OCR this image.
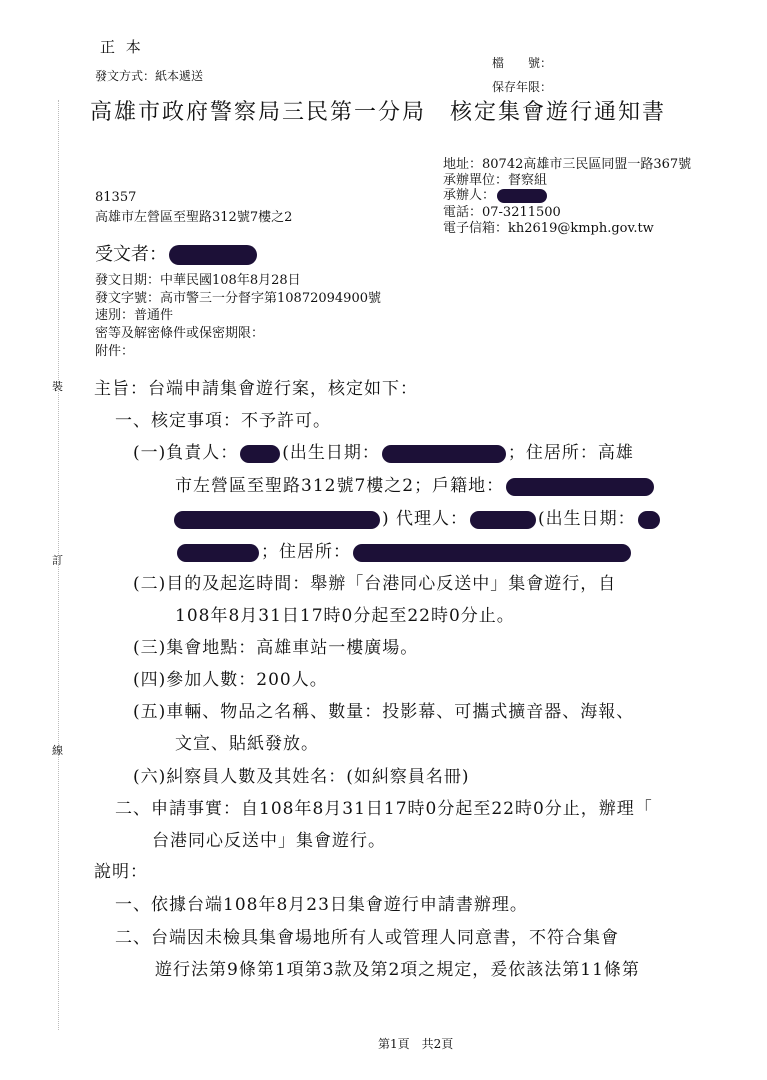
正 本
發文方式：紙本遞送
檔　　號：
保存年限：
高雄市政府警察局三民第一分局　核定集會遊行通知書
地址：80742高雄市三民區同盟一路367號
承辦單位：督察組
承辦人：
電話：07-3211500
電子信箱：kh2619@kmph.gov.tw
81357
高雄市左營區至聖路312號7樓之2
受文者：
發文日期：中華民國108年8月28日
發文字號：高市警三一分督字第10872094900號
速別：普通件
密等及解密條件或保密期限：
附件：
裝
訂
線
主旨：台端申請集會遊行案，核定如下：
一、核定事項：不予許可。
(一)負責人：	(出生日期：	；住居所：高雄
市左營區至聖路312號7樓之2；戶籍地：
) 代理人：	(出生日期：
；住居所：
(二)目的及起迄時間：舉辦「台港同心反送中」集會遊行，自
108年8月31日17時0分起至22時0分止。
(三)集會地點：高雄車站一樓廣場。
(四)參加人數：200人。
(五)車輛、物品之名稱、數量：投影幕、可攜式擴音器、海報、
文宣、貼紙發放。
(六)糾察員人數及其姓名：(如糾察員名冊)
二、申請事實：自108年8月31日17時0分起至22時0分止，辦理「
台港同心反送中」集會遊行。
說明：
一、依據台端108年8月23日集會遊行申請書辦理。
二、台端因未檢具集會場地所有人或管理人同意書，不符合集會
遊行法第9條第1項第3款及第2項之規定，爰依該法第11條第
第1頁　共2頁
